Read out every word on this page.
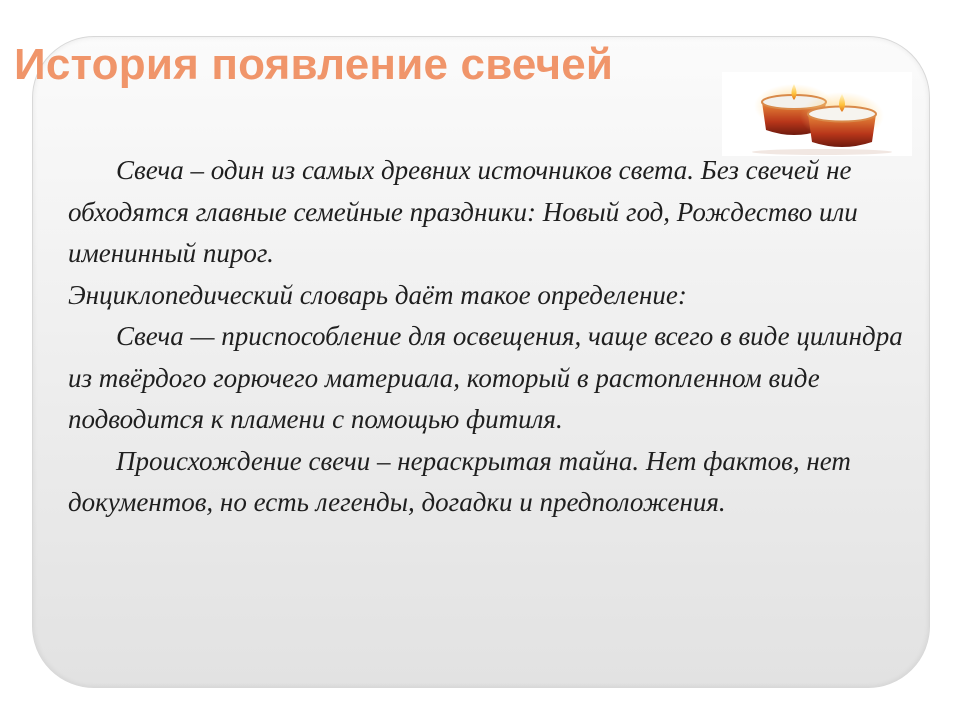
История появление свечей

Свеча – один из самых древних источников света. Без свечей не обходятся главные семейные праздники: Новый год, Рождество или именинный пирог.

Энциклопедический словарь даёт такое определение:

Свеча — приспособление для освещения, чаще всего в виде цилиндра из твёрдого горючего материала, который в растопленном виде подводится к пламени с помощью фитиля.

Происхождение свечи – нераскрытая тайна. Нет фактов, нет документов, но есть легенды, догадки и предположения.
